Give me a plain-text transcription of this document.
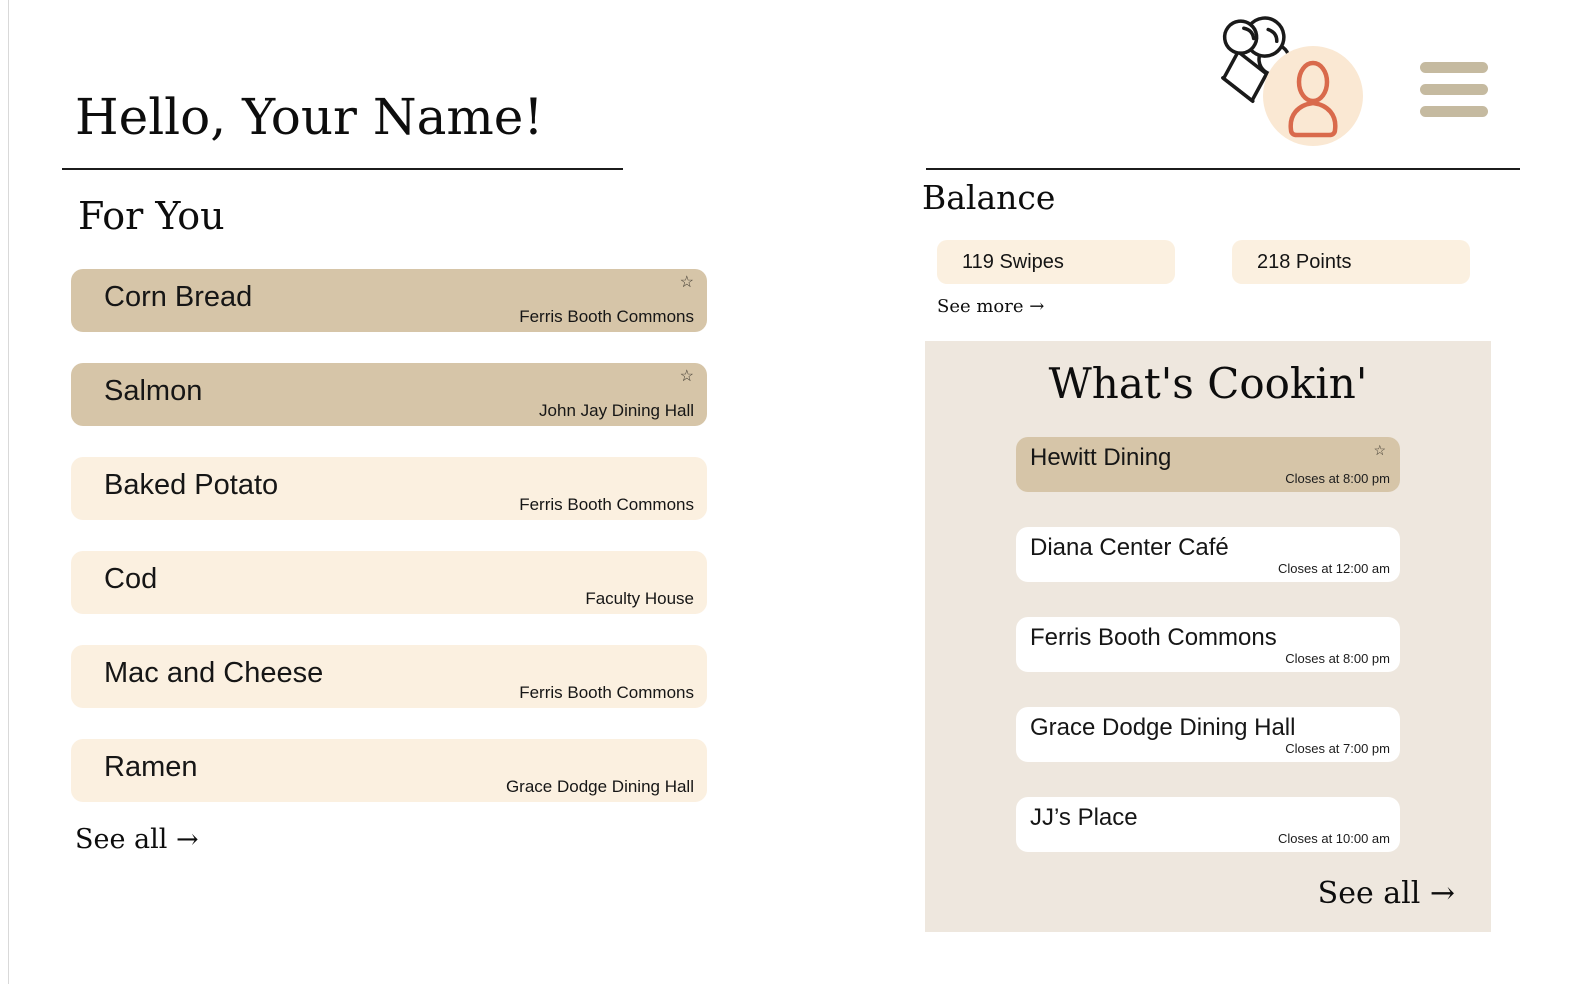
Hello, Your Name!
For You
☆
Corn Bread
Ferris Booth Commons
☆
Salmon
John Jay Dining Hall
Baked Potato
Ferris Booth Commons
Cod
Faculty House
Mac and Cheese
Ferris Booth Commons
Ramen
Grace Dodge Dining Hall
See all →
Balance
119 Swipes	218 Points
See more →
What's Cookin'
☆
Hewitt Dining
Closes at 8:00 pm
Diana Center Café
Closes at 12:00 am
Ferris Booth Commons
Closes at 8:00 pm
Grace Dodge Dining Hall
Closes at 7:00 pm
JJ’s Place
Closes at 10:00 am
See all →
